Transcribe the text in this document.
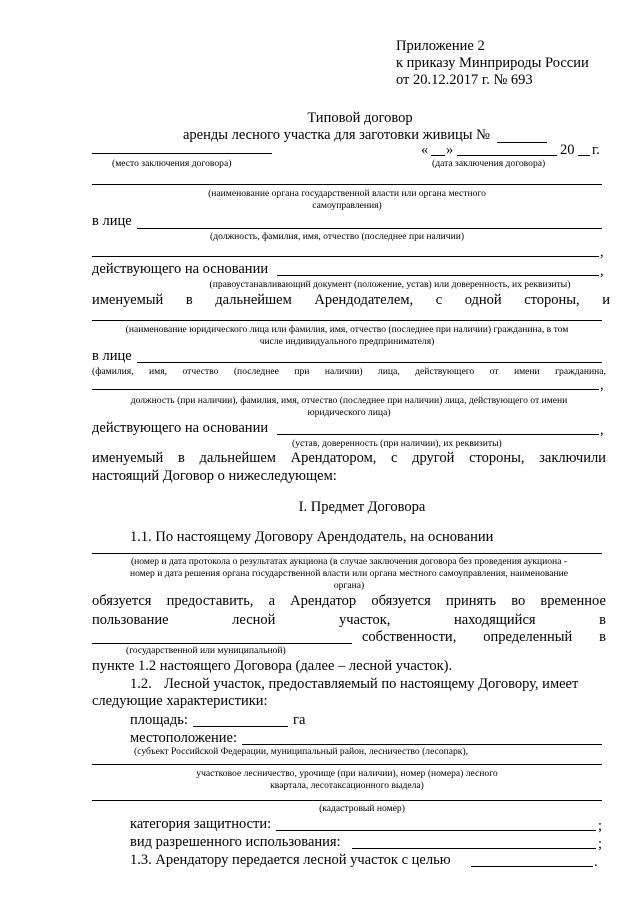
Приложение 2
к приказу Минприроды России
от 20.12.2017 г. № 693
Типовой договор
аренды лесного участка для заготовки живицы №
« »	20 г.
(место заключения договора)	(дата заключения договора)
(наименование органа государственной власти или органа местного
самоуправления)
в лице
(должность, фамилия, имя, отчество (последнее при наличии)
,
действующего на основании	,
(правоустанавливающий документ (положение, устав) или доверенность, их реквизиты)
именуемый в дальнейшем Арендодателем, с одной стороны, и
(наименование юридического лица или фамилия, имя, отчество (последнее при наличии) гражданина, в том
числе индивидуального предпринимателя)
в лице
(фамилия, имя, отчество (последнее при наличии) лица, действующего от имени гражданина,
,
должность (при наличии), фамилия, имя, отчество (последнее при наличии) лица, действующего от имени
юридического лица)
действующего на основании	,
(устав, доверенность (при наличии), их реквизиты)
именуемый в дальнейшем Арендатором, с другой стороны, заключили
настоящий Договор о нижеследующем:
I. Предмет Договора
1.1. По настоящему Договору Арендодатель, на основании
(номер и дата протокола о результатах аукциона (в случае заключения договора без проведения аукциона -
номер и дата решения органа государственной власти или органа местного самоуправления, наименование
органа)
обязуется предоставить, а Арендатор обязуется принять во временное
пользование	лесной	участок,	находящийся	в
собственности, определенный в
(государственной или муниципальной)
пункте 1.2 настоящего Договора (далее – лесной участок).
1.2. Лесной участок, предоставляемый по настоящему Договору, имеет
следующие характеристики:
площадь:	га
местоположение:
(субъект Российской Федерации, муниципальный район, лесничество (лесопарк),
участковое лесничество, урочище (при наличии), номер (номера) лесного
квартала, лесотаксационного выдела)
(кадастровый номер)
категория защитности:	;
вид разрешенного использования:	;
1.3. Арендатору передается лесной участок с целью	.
